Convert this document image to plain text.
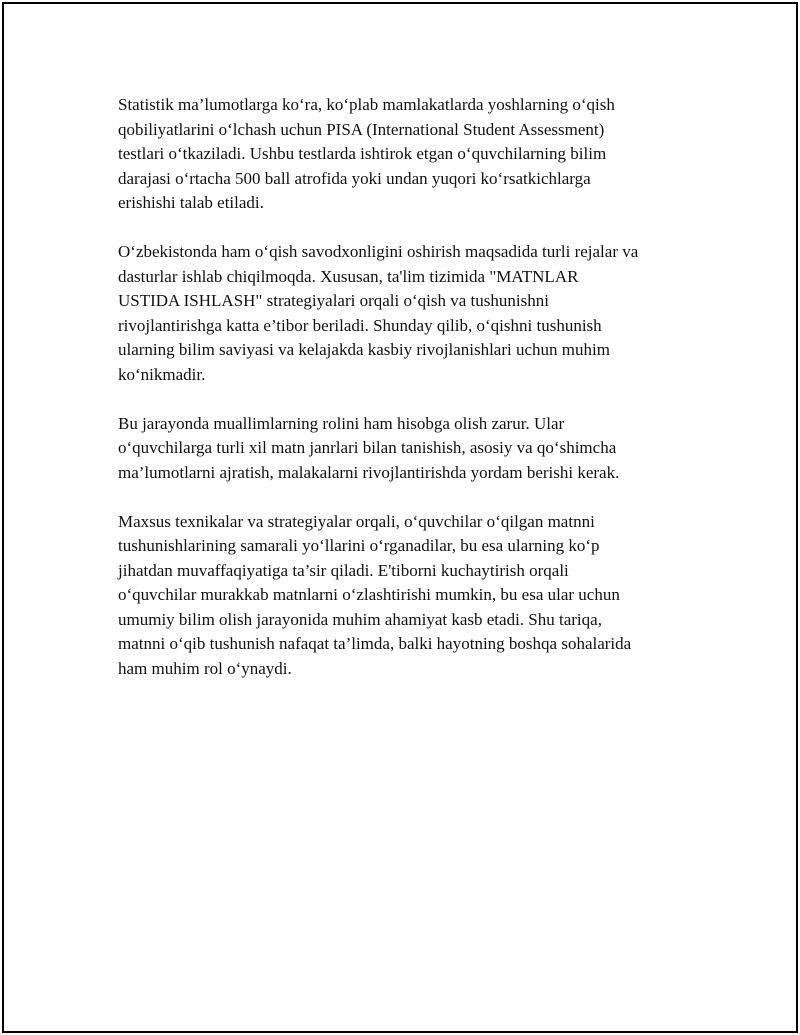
Statistik ma’lumotlarga ko‘ra, ko‘plab mamlakatlarda yoshlarning o‘qish
qobiliyatlarini o‘lchash uchun PISA (International Student Assessment)
testlari o‘tkaziladi. Ushbu testlarda ishtirok etgan o‘quvchilarning bilim
darajasi o‘rtacha 500 ball atrofida yoki undan yuqori ko‘rsatkichlarga
erishishi talab etiladi.

O‘zbekistonda ham o‘qish savodxonligini oshirish maqsadida turli rejalar va
dasturlar ishlab chiqilmoqda. Xususan, ta'lim tizimida "MATNLAR
USTIDA ISHLASH" strategiyalari orqali o‘qish va tushunishni
rivojlantirishga katta e’tibor beriladi. Shunday qilib, o‘qishni tushunish
ularning bilim saviyasi va kelajakda kasbiy rivojlanishlari uchun muhim
ko‘nikmadir.

Bu jarayonda muallimlarning rolini ham hisobga olish zarur. Ular
o‘quvchilarga turli xil matn janrlari bilan tanishish, asosiy va qo‘shimcha
ma’lumotlarni ajratish, malakalarni rivojlantirishda yordam berishi kerak.

Maxsus texnikalar va strategiyalar orqali, o‘quvchilar o‘qilgan matnni
tushunishlarining samarali yo‘llarini o‘rganadilar, bu esa ularning ko‘p
jihatdan muvaffaqiyatiga ta’sir qiladi. E'tiborni kuchaytirish orqali
o‘quvchilar murakkab matnlarni o‘zlashtirishi mumkin, bu esa ular uchun
umumiy bilim olish jarayonida muhim ahamiyat kasb etadi. Shu tariqa,
matnni o‘qib tushunish nafaqat ta’limda, balki hayotning boshqa sohalarida
ham muhim rol o‘ynaydi.
